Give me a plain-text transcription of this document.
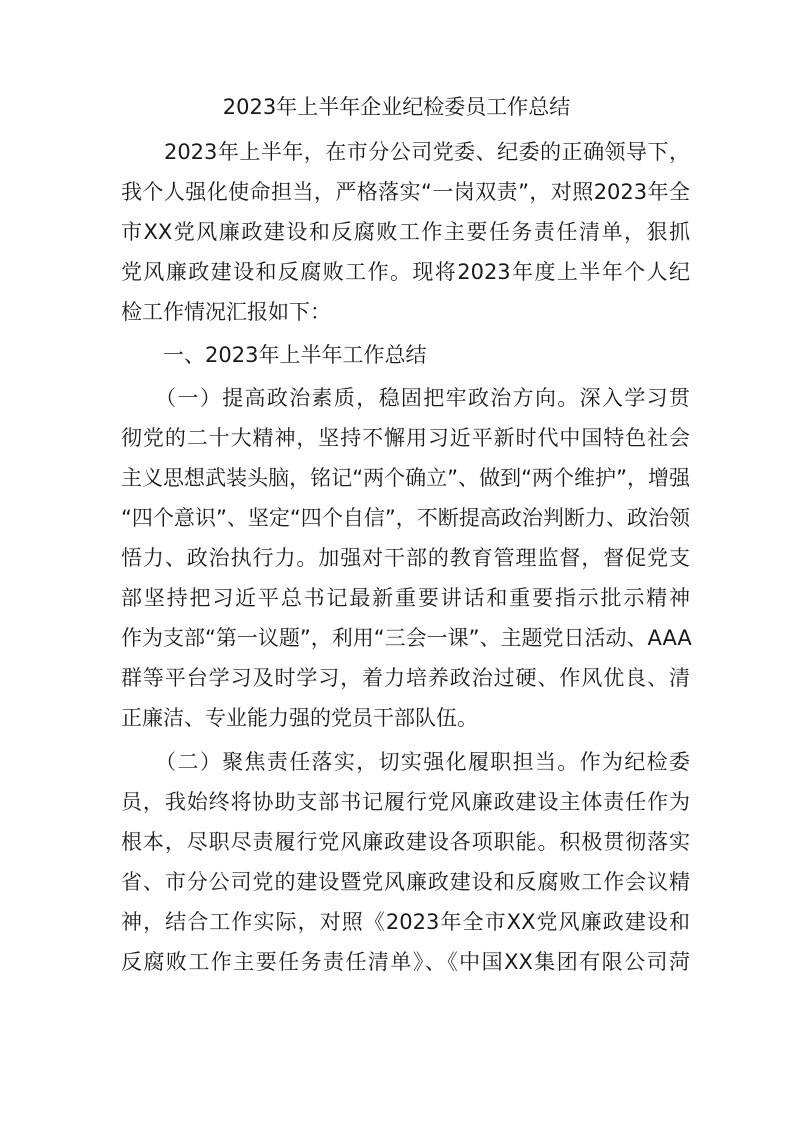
2023年上半年企业纪检委员工作总结
　　2023年上半年，在市分公司党委、纪委的正确领导下，
我个人强化使命担当，严格落实“一岗双责”，对照2023年全
市XX党风廉政建设和反腐败工作主要任务责任清单，狠抓
党风廉政建设和反腐败工作。现将2023年度上半年个人纪
检工作情况汇报如下：
　　一、2023年上半年工作总结
　　（一）提高政治素质，稳固把牢政治方向。深入学习贯
彻党的二十大精神，坚持不懈用习近平新时代中国特色社会
主义思想武装头脑，铭记“两个确立”、做到“两个维护”，增强
“四个意识”、坚定“四个自信”，不断提高政治判断力、政治领
悟力、政治执行力。加强对干部的教育管理监督，督促党支
部坚持把习近平总书记最新重要讲话和重要指示批示精神
作为支部“第一议题”，利用“三会一课”、主题党日活动、AAA
群等平台学习及时学习，着力培养政治过硬、作风优良、清
正廉洁、专业能力强的党员干部队伍。
　　（二）聚焦责任落实，切实强化履职担当。作为纪检委
员，我始终将协助支部书记履行党风廉政建设主体责任作为
根本，尽职尽责履行党风廉政建设各项职能。积极贯彻落实
省、市分公司党的建设暨党风廉政建设和反腐败工作会议精
神，结合工作实际，对照《2023年全市XX党风廉政建设和
反腐败工作主要任务责任清单》、《中国XX集团有限公司菏
